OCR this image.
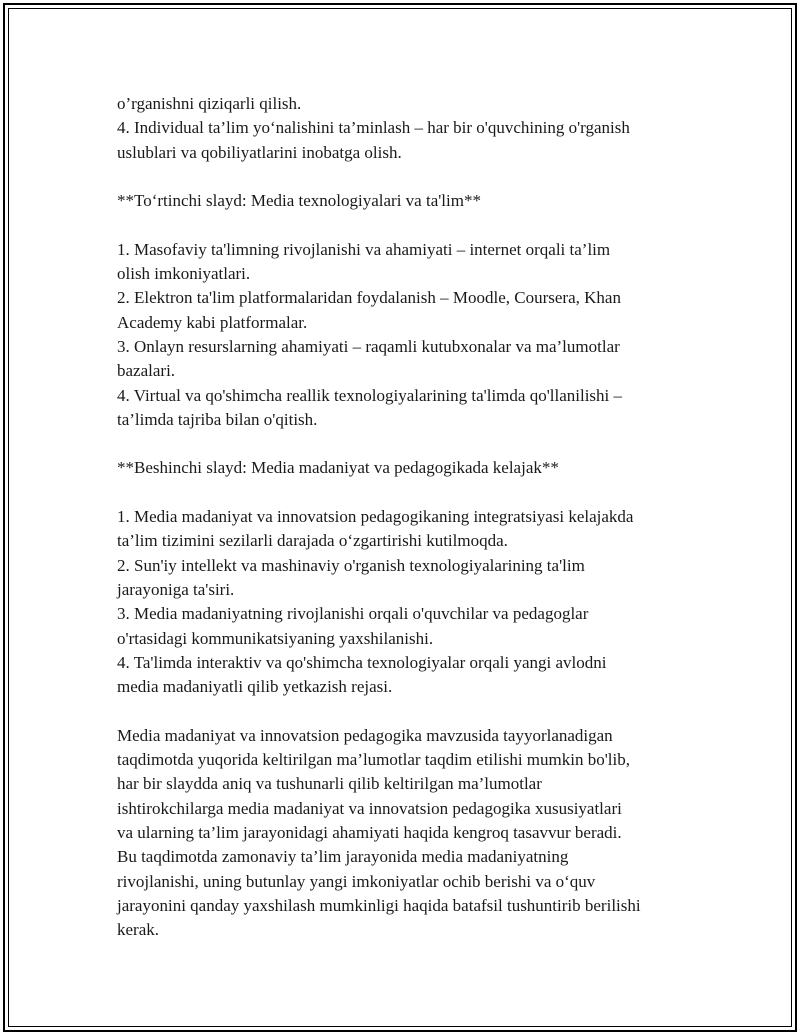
o’rganishni qiziqarli qilish.
4. Individual ta’lim yo‘nalishini ta’minlash – har bir o'quvchining o'rganish
uslublari va qobiliyatlarini inobatga olish.
**To‘rtinchi slayd: Media texnologiyalari va ta'lim**
1. Masofaviy ta'limning rivojlanishi va ahamiyati – internet orqali ta’lim
olish imkoniyatlari.
2. Elektron ta'lim platformalaridan foydalanish – Moodle, Coursera, Khan
Academy kabi platformalar.
3. Onlayn resurslarning ahamiyati – raqamli kutubxonalar va ma’lumotlar
bazalari.
4. Virtual va qo'shimcha reallik texnologiyalarining ta'limda qo'llanilishi –
ta’limda tajriba bilan o'qitish.
**Beshinchi slayd: Media madaniyat va pedagogikada kelajak**
1. Media madaniyat va innovatsion pedagogikaning integratsiyasi kelajakda
ta’lim tizimini sezilarli darajada o‘zgartirishi kutilmoqda.
2. Sun'iy intellekt va mashinaviy o'rganish texnologiyalarining ta'lim
jarayoniga ta'siri.
3. Media madaniyatning rivojlanishi orqali o'quvchilar va pedagoglar
o'rtasidagi kommunikatsiyaning yaxshilanishi.
4. Ta'limda interaktiv va qo'shimcha texnologiyalar orqali yangi avlodni
media madaniyatli qilib yetkazish rejasi.
Media madaniyat va innovatsion pedagogika mavzusida tayyorlanadigan
taqdimotda yuqorida keltirilgan ma’lumotlar taqdim etilishi mumkin bo'lib,
har bir slaydda aniq va tushunarli qilib keltirilgan ma’lumotlar
ishtirokchilarga media madaniyat va innovatsion pedagogika xususiyatlari
va ularning ta’lim jarayonidagi ahamiyati haqida kengroq tasavvur beradi.
Bu taqdimotda zamonaviy ta’lim jarayonida media madaniyatning
rivojlanishi, uning butunlay yangi imkoniyatlar ochib berishi va o‘quv
jarayonini qanday yaxshilash mumkinligi haqida batafsil tushuntirib berilishi
kerak.
